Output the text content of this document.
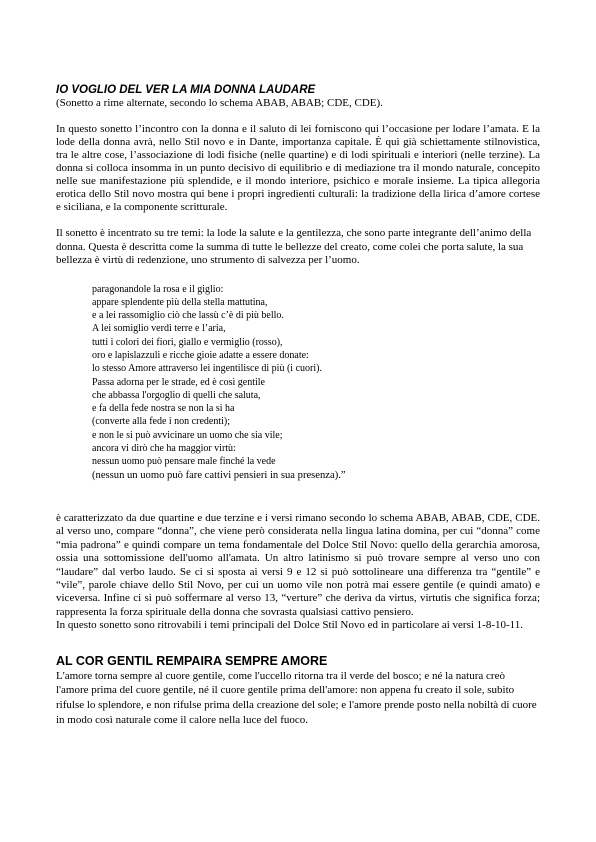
IO VOGLIO DEL VER LA MIA DONNA LAUDARE

(Sonetto a rime alternate, secondo lo schema ABAB, ABAB; CDE, CDE).

In questo sonetto l’incontro con la donna e il saluto di lei forniscono qui l’occasione per lodare l’amata. E la lode della donna avrà, nello Stil novo e in Dante, importanza capitale. È qui già schiettamente stilnovistica, tra le altre cose, l’associazione di lodi fisiche (nelle quartine) e di lodi spirituali e interiori (nelle terzine). La donna si colloca insomma in un punto decisivo di equilibrio e di mediazione tra il mondo naturale, concepito nelle sue manifestazione più splendide, e il mondo interiore, psichico e morale insieme. La tipica allegoria erotica dello Stil novo mostra qui bene i propri ingredienti culturali: la tradizione della lirica d’amore cortese e siciliana, e la componente scritturale.

Il sonetto è incentrato su tre temi: la lode la salute e la gentilezza, che sono parte integrante dell’animo della donna. Questa è descritta come la summa di tutte le bellezze del creato, come colei che porta salute, la sua bellezza è virtù di redenzione, uno strumento di salvezza per l’uomo.

paragonandole la rosa e il giglio:
appare splendente più della stella mattutina,
e a lei rassomiglio ciò che lassù c’è di più bello.
A lei somiglio verdi terre e l’aria,
tutti i colori dei fiori, giallo e vermiglio (rosso),
oro e lapislazzuli e ricche gioie adatte a essere donate:
lo stesso Amore attraverso lei ingentilisce di più (i cuori).
Passa adorna per le strade, ed è così gentile
che abbassa l'orgoglio di quelli che saluta,
e fa della fede nostra se non la si ha
(converte alla fede i non credenti);
e non le si può avvicinare un uomo che sia vile;
ancora vi dirò che ha maggior virtù:
nessun uomo può pensare male finché la vede
(nessun un uomo può fare cattivi pensieri in sua presenza).”

è caratterizzato da due quartine e due terzine e i versi rimano secondo lo schema ABAB, ABAB, CDE, CDE. al verso uno, compare “donna”, che viene però considerata nella lingua latina domina, per cui “donna” come “mia padrona” e quindi compare un tema fondamentale del Dolce Stil Novo: quello della gerarchia amorosa, ossia una sottomissione dell'uomo all'amata. Un altro latinismo si può trovare sempre al verso uno con “laudare” dal verbo laudo. Se ci si sposta ai versi 9 e 12 si può sottolineare una differenza tra “gentile” e “vile”, parole chiave dello Stil Novo, per cui un uomo vile non potrà mai essere gentile (e quindi amato) e viceversa. Infine ci si può soffermare al verso 13, “verture” che deriva da virtus, virtutis che significa forza; rappresenta la forza spirituale della donna che sovrasta qualsiasi cattivo pensiero.

In questo sonetto sono ritrovabili i temi principali del Dolce Stil Novo ed in particolare ai versi 1-8-10-11.

AL COR GENTIL REMPAIRA SEMPRE AMORE

L'amore torna sempre al cuore gentile, come l'uccello ritorna tra il verde del bosco; e né la natura creò l'amore prima del cuore gentile, né il cuore gentile prima dell'amore: non appena fu creato il sole, subito rifulse lo splendore, e non rifulse prima della creazione del sole; e l'amore prende posto nella nobiltà di cuore in modo così naturale come il calore nella luce del fuoco.
